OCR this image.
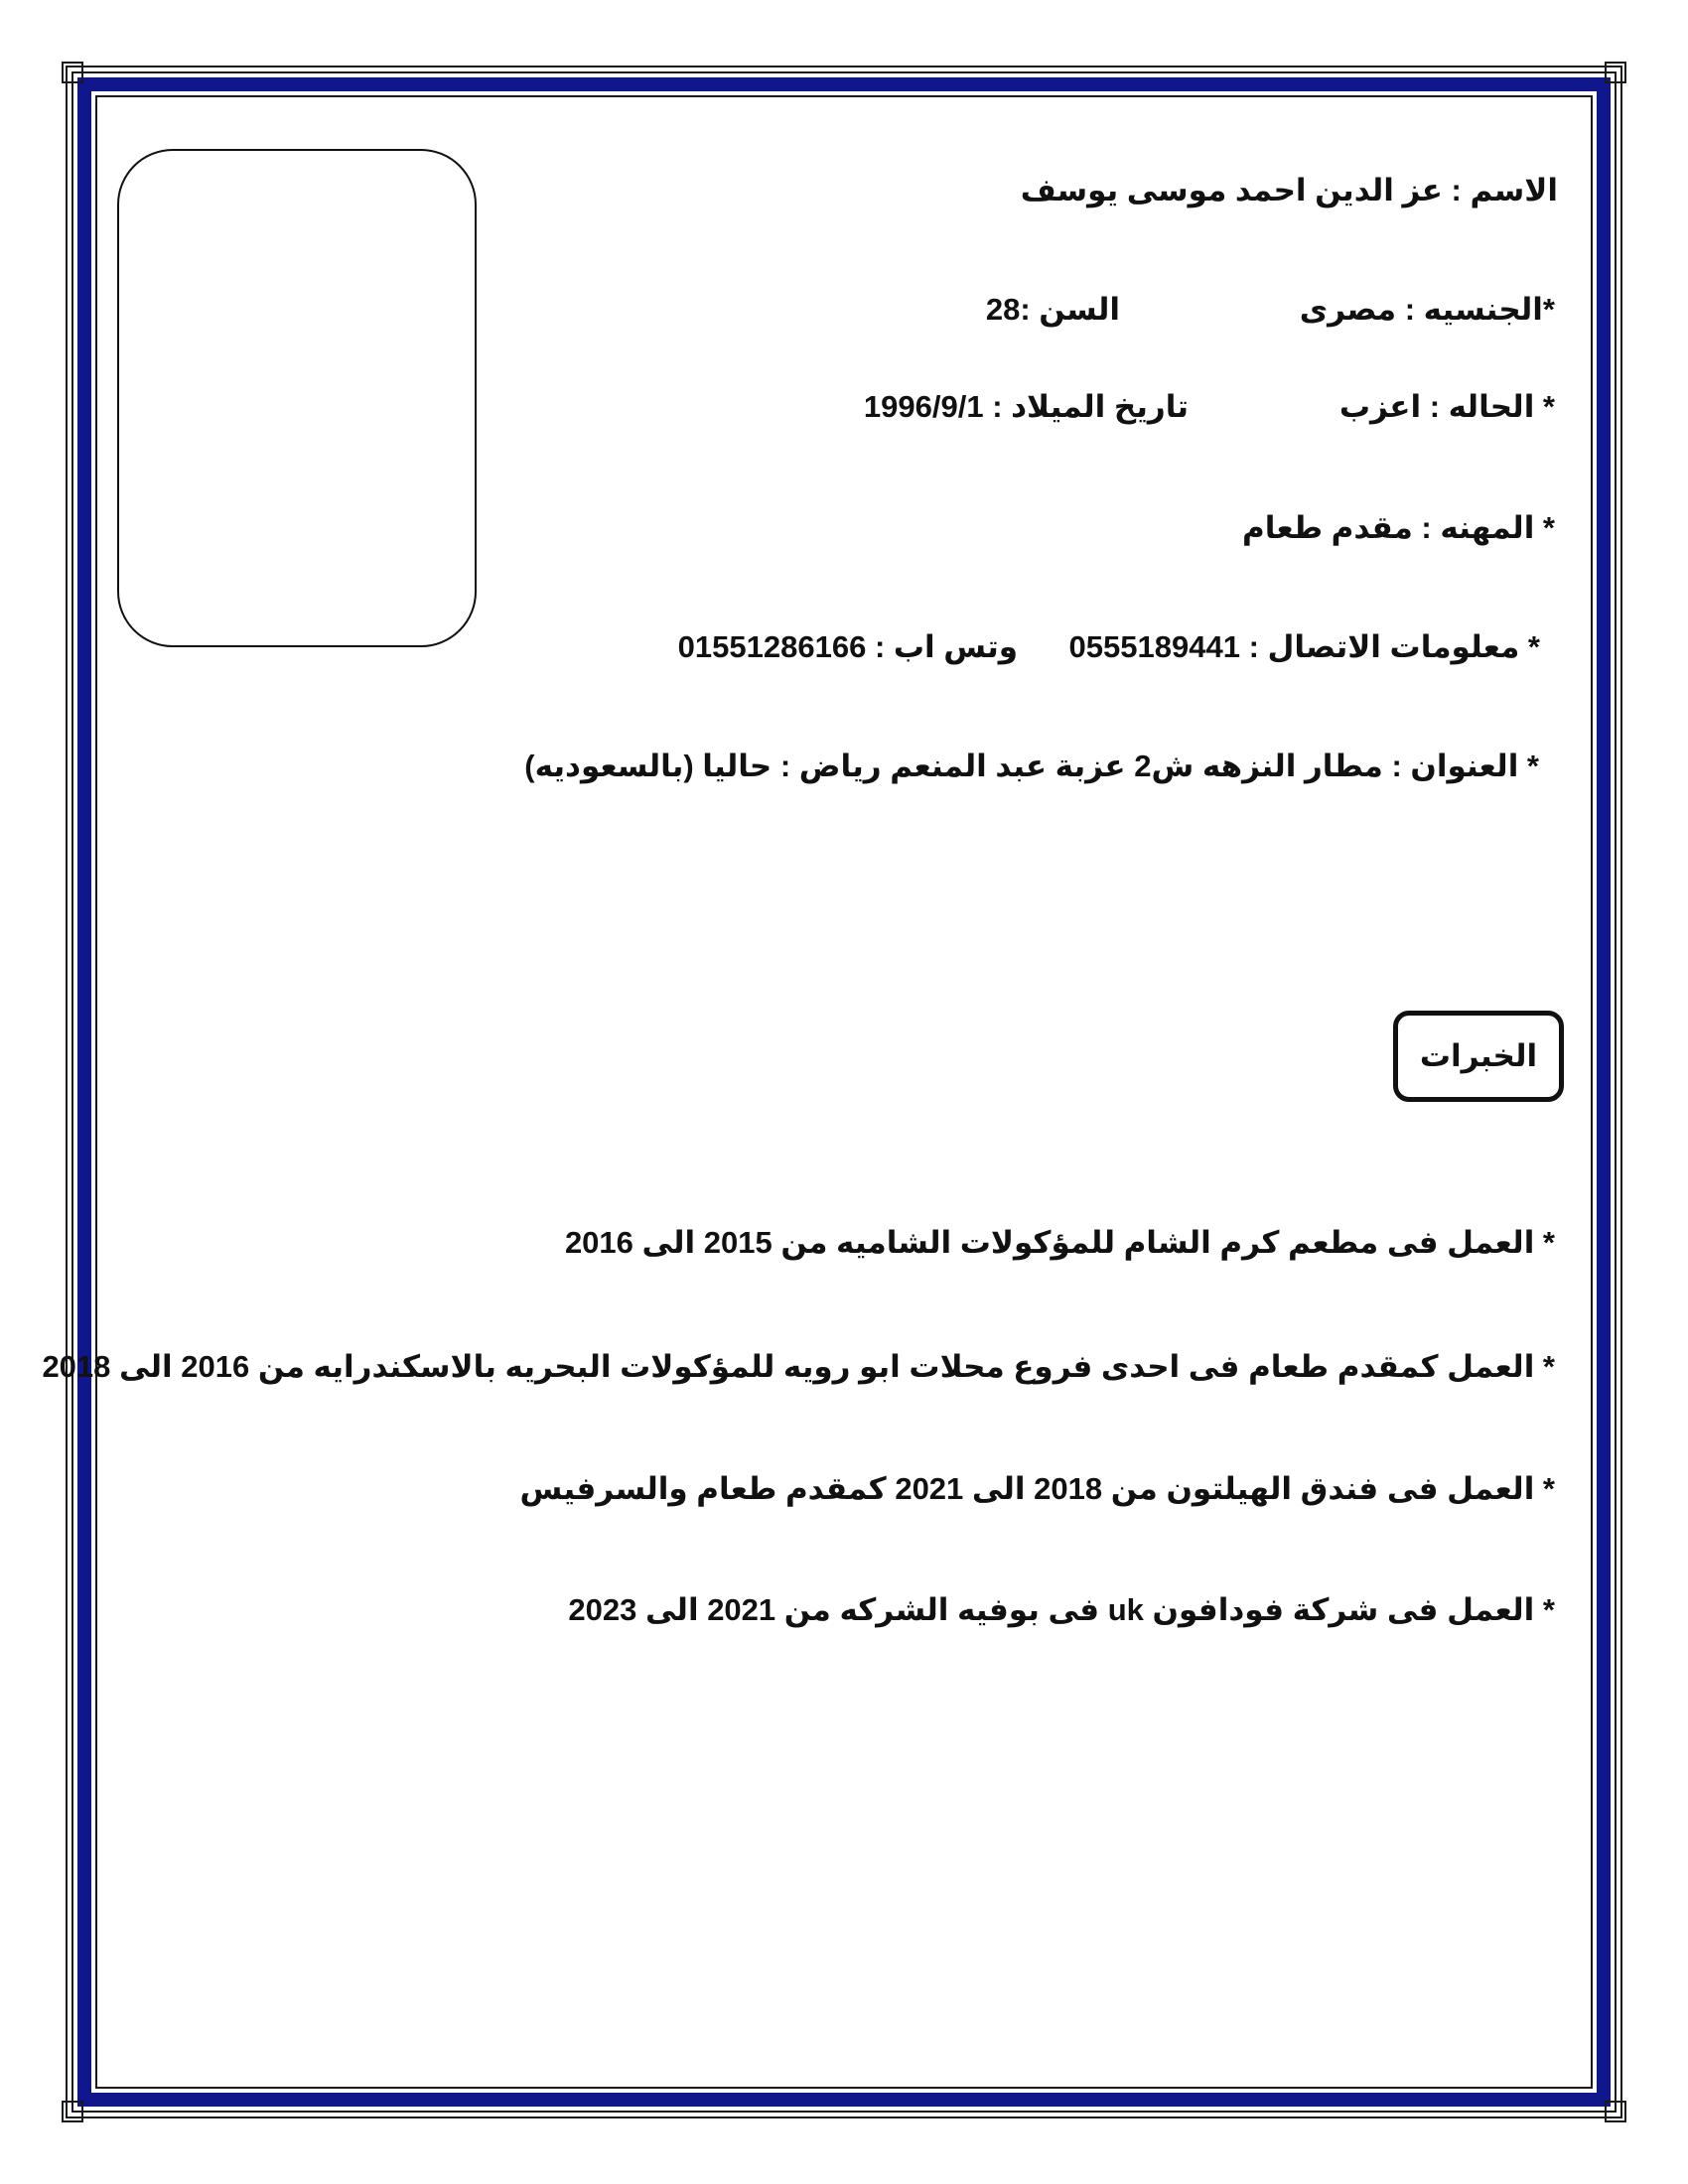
الاسم : عز الدين احمد موسى يوسف
*الجنسيه : مصرى
السن :28
* الحاله : اعزب
تاريخ الميلاد : 1996/9/1
* المهنه : مقدم طعام
* معلومات الاتصال : 0555189441
وتس اب : 01551286166
* العنوان : مطار النزهه ش2 عزبة عبد المنعم رياض : حاليا (بالسعوديه)
الخبرات
* العمل فى مطعم كرم الشام للمؤكولات الشاميه من 2015 الى 2016
* العمل كمقدم طعام فى احدى فروع محلات ابو رويه للمؤكولات البحريه بالاسكندرايه من 2016 الى 2018
* العمل فى فندق الهيلتون من 2018 الى 2021 كمقدم طعام والسرفيس
* العمل فى شركة فودافون uk فى بوفيه الشركه من 2021 الى 2023
